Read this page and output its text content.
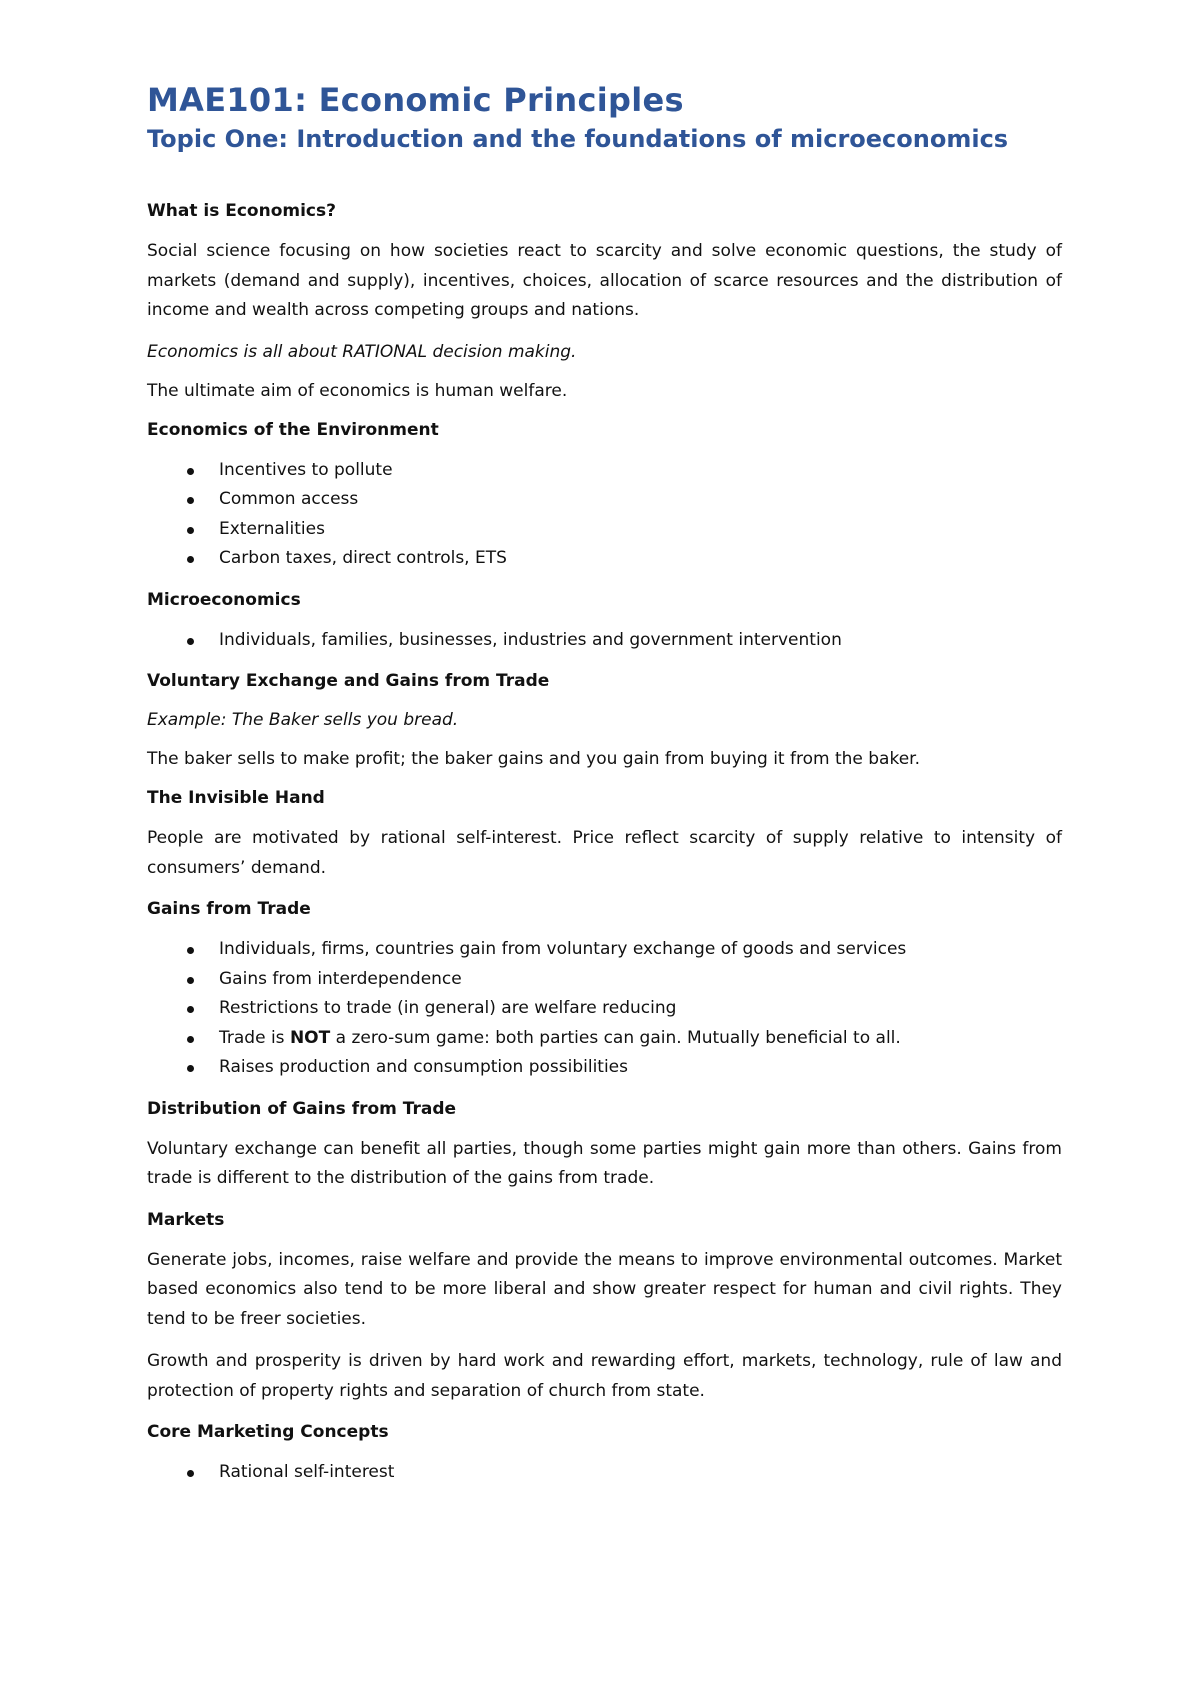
MAE101: Economic Principles
Topic One: Introduction and the foundations of microeconomics
What is Economics?

Social science focusing on how societies react to scarcity and solve economic questions, the study of markets (demand and supply), incentives, choices, allocation of scarce resources and the distribution of income and wealth across competing groups and nations.

Economics is all about RATIONAL decision making.

The ultimate aim of economics is human welfare.

Economics of the Environment
Incentives to pollute
Common access
Externalities
Carbon taxes, direct controls, ETS
Microeconomics
Individuals, families, businesses, industries and government intervention
Voluntary Exchange and Gains from Trade

Example: The Baker sells you bread.

The baker sells to make profit; the baker gains and you gain from buying it from the baker.

The Invisible Hand

People are motivated by rational self-interest. Price reflect scarcity of supply relative to intensity of consumers’ demand.

Gains from Trade
Individuals, firms, countries gain from voluntary exchange of goods and services
Gains from interdependence
Restrictions to trade (in general) are welfare reducing
Trade is NOT a zero-sum game: both parties can gain. Mutually beneficial to all.
Raises production and consumption possibilities
Distribution of Gains from Trade

Voluntary exchange can benefit all parties, though some parties might gain more than others. Gains from trade is different to the distribution of the gains from trade.

Markets

Generate jobs, incomes, raise welfare and provide the means to improve environmental outcomes. Market based economics also tend to be more liberal and show greater respect for human and civil rights. They tend to be freer societies.

Growth and prosperity is driven by hard work and rewarding effort, markets, technology, rule of law and protection of property rights and separation of church from state.

Core Marketing Concepts
Rational self-interest
